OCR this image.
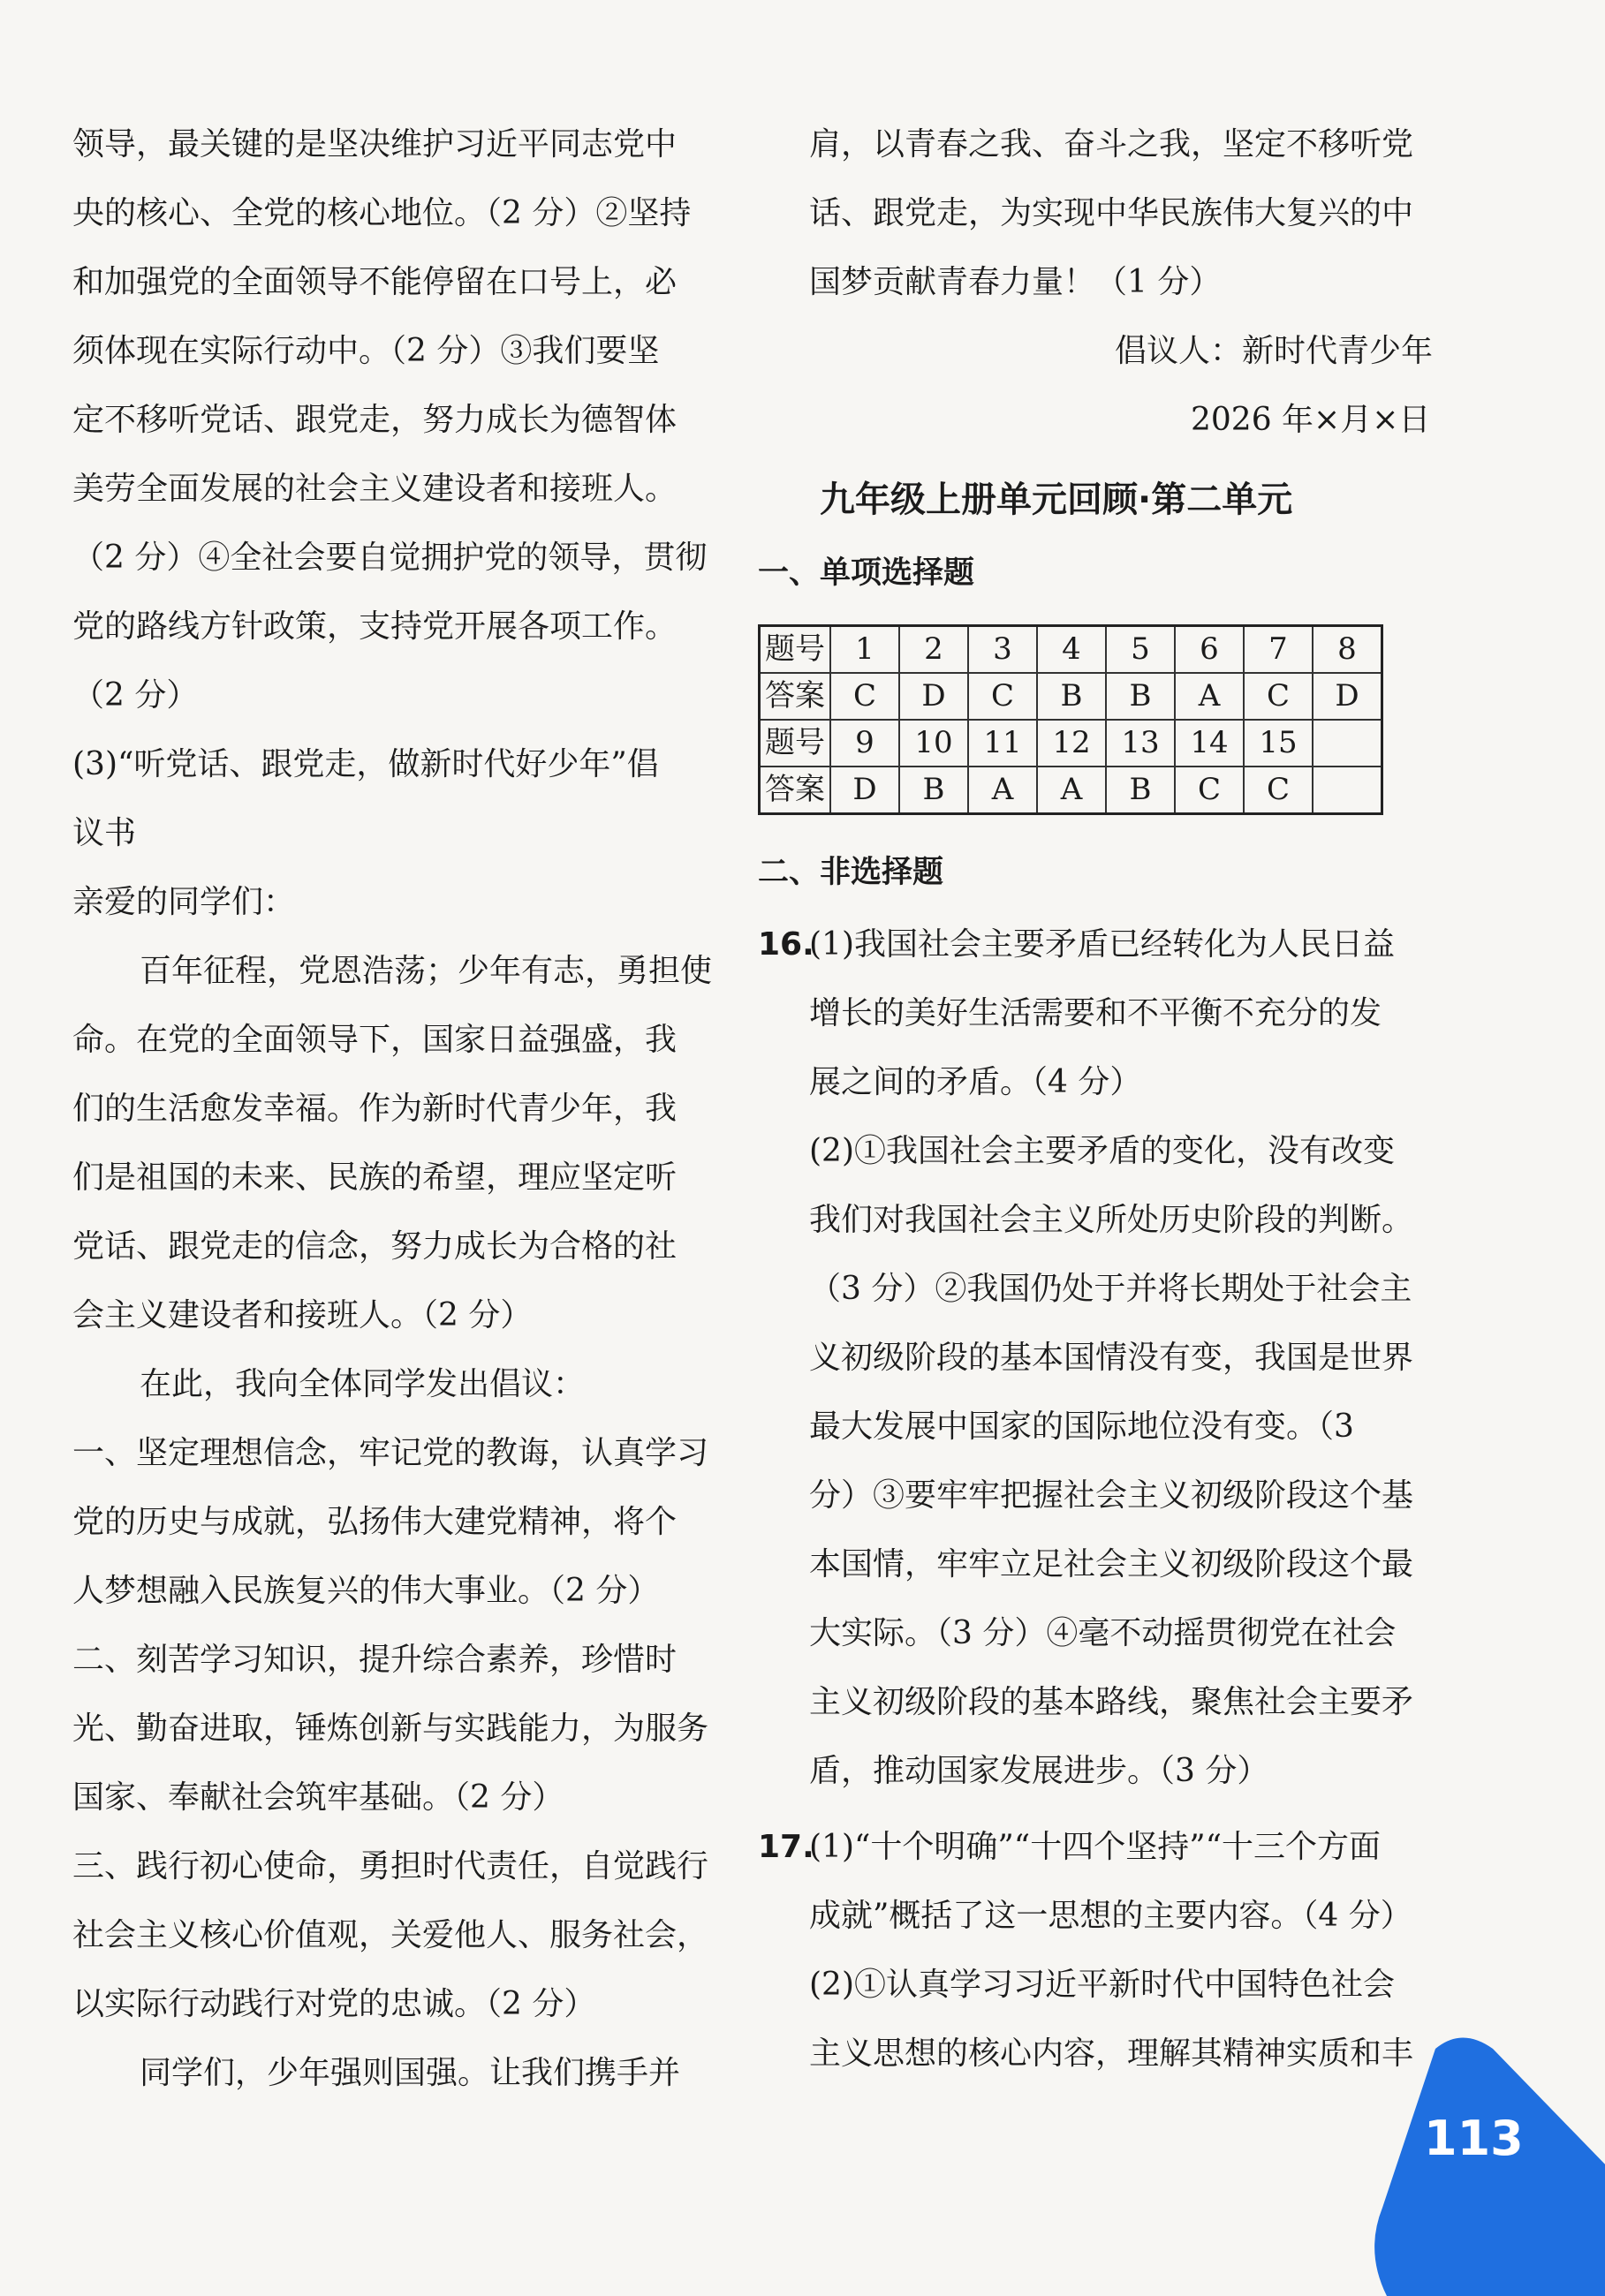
领导，最关键的是坚决维护习近平同志党中
央的核心、全党的核心地位。（2 分）②坚持
和加强党的全面领导不能停留在口号上，必
须体现在实际行动中。（2 分）③我们要坚
定不移听党话、跟党走，努力成长为德智体
美劳全面发展的社会主义建设者和接班人。
（2 分）④全社会要自觉拥护党的领导，贯彻
党的路线方针政策，支持党开展各项工作。
（2 分）
(3)“听党话、跟党走，做新时代好少年”倡
议书
亲爱的同学们：
百年征程，党恩浩荡；少年有志，勇担使
命。在党的全面领导下，国家日益强盛，我
们的生活愈发幸福。作为新时代青少年，我
们是祖国的未来、民族的希望，理应坚定听
党话、跟党走的信念，努力成长为合格的社
会主义建设者和接班人。（2 分）
在此，我向全体同学发出倡议：
一、坚定理想信念，牢记党的教诲，认真学习
党的历史与成就，弘扬伟大建党精神，将个
人梦想融入民族复兴的伟大事业。（2 分）
二、刻苦学习知识，提升综合素养，珍惜时
光、勤奋进取，锤炼创新与实践能力，为服务
国家、奉献社会筑牢基础。（2 分）
三、践行初心使命，勇担时代责任，自觉践行
社会主义核心价值观，关爱他人、服务社会，
以实际行动践行对党的忠诚。（2 分）
同学们，少年强则国强。让我们携手并
肩，以青春之我、奋斗之我，坚定不移听党
话、跟党走，为实现中华民族伟大复兴的中
国梦贡献青春力量！（1 分）
倡议人：新时代青少年
2026 年×月×日
九年级上册单元回顾·第二单元
一、单项选择题
题号	1	2	3	4	5	6	7	8
答案	C	D	C	B	B	A	C	D
题号	9	10	11	12	13	14	15	
答案	D	B	A	A	B	C	C	
二、非选择题
16.
(1)我国社会主要矛盾已经转化为人民日益
增长的美好生活需要和不平衡不充分的发
展之间的矛盾。（4 分）
(2)①我国社会主要矛盾的变化，没有改变
我们对我国社会主义所处历史阶段的判断。
（3 分）②我国仍处于并将长期处于社会主
义初级阶段的基本国情没有变，我国是世界
最大发展中国家的国际地位没有变。（3
分）③要牢牢把握社会主义初级阶段这个基
本国情，牢牢立足社会主义初级阶段这个最
大实际。（3 分）④毫不动摇贯彻党在社会
主义初级阶段的基本路线，聚焦社会主要矛
盾，推动国家发展进步。（3 分）
17.
(1)“十个明确”“十四个坚持”“十三个方面
成就”概括了这一思想的主要内容。（4 分）
(2)①认真学习习近平新时代中国特色社会
主义思想的核心内容，理解其精神实质和丰
113
